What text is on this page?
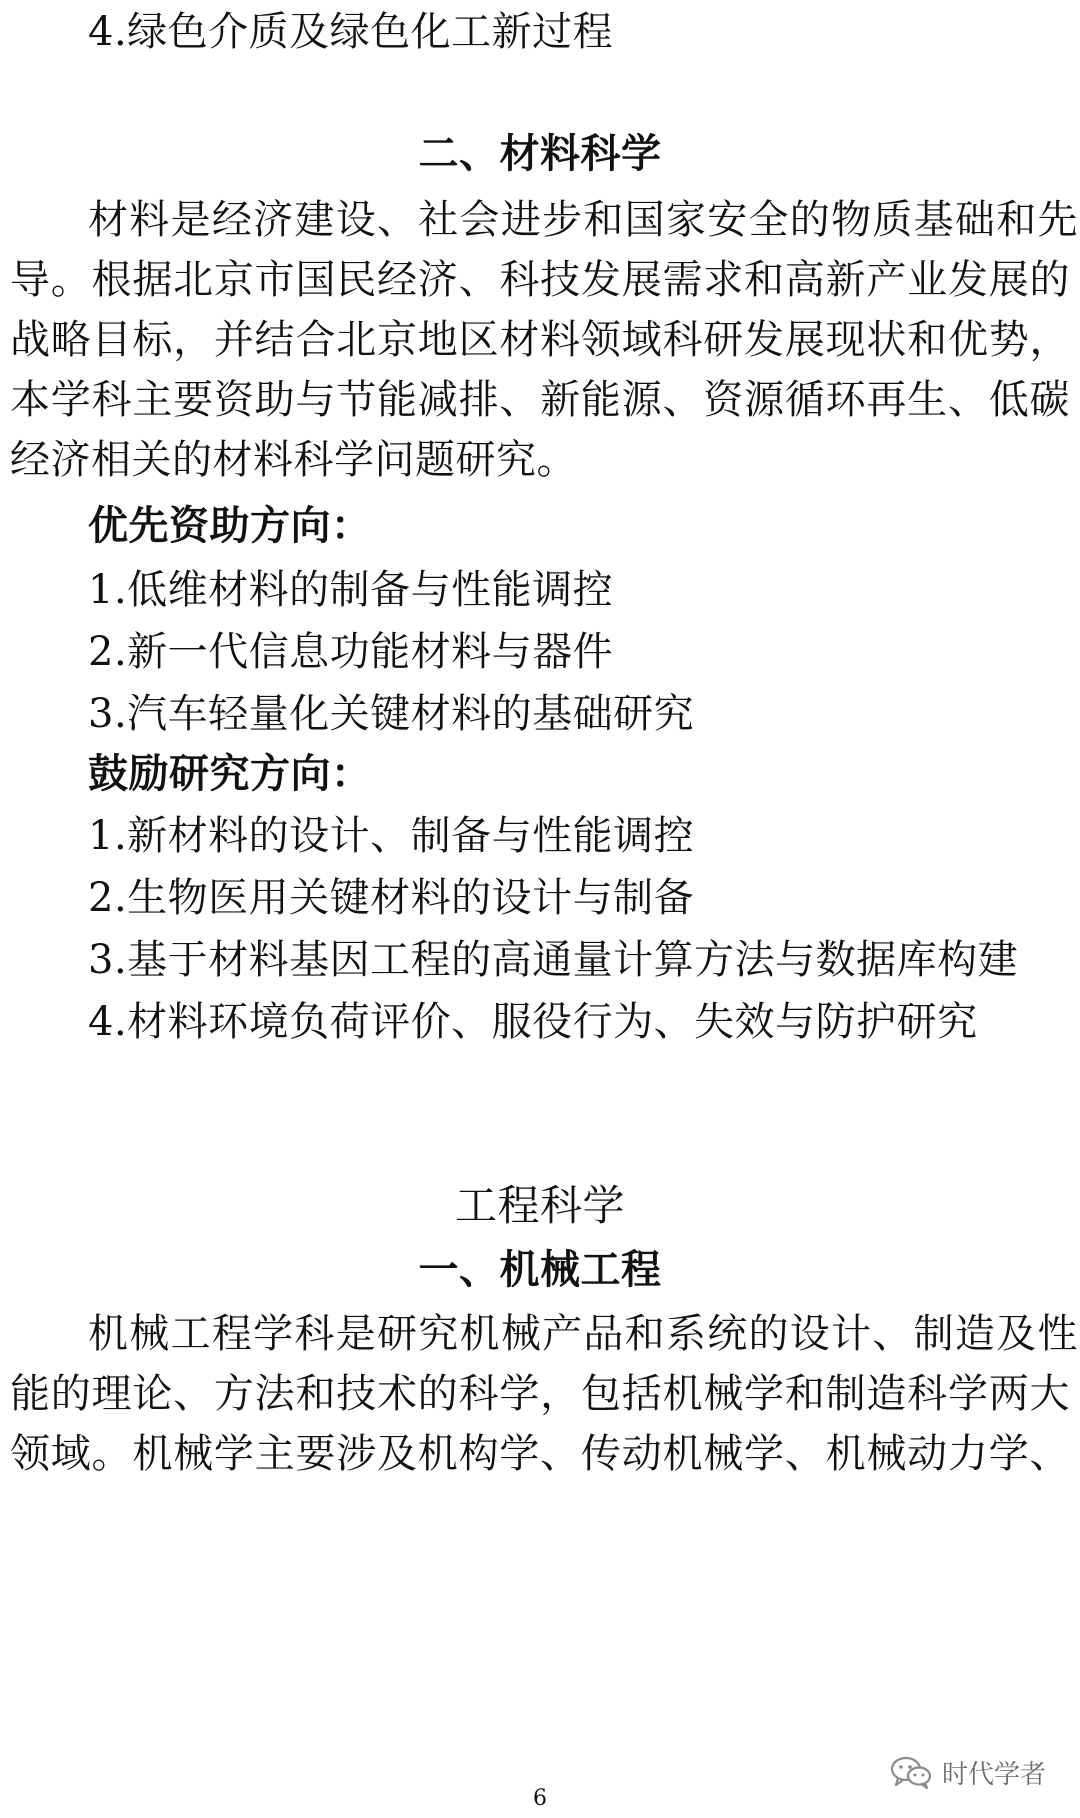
4.绿色介质及绿色化工新过程
二、材料科学
材料是经济建设、社会进步和国家安全的物质基础和先
导。根据北京市国民经济、科技发展需求和高新产业发展的
战略目标，并结合北京地区材料领域科研发展现状和优势，
本学科主要资助与节能减排、新能源、资源循环再生、低碳
经济相关的材料科学问题研究。
优先资助方向：
1.低维材料的制备与性能调控
2.新一代信息功能材料与器件
3.汽车轻量化关键材料的基础研究
鼓励研究方向：
1.新材料的设计、制备与性能调控
2.生物医用关键材料的设计与制备
3.基于材料基因工程的高通量计算方法与数据库构建
4.材料环境负荷评价、服役行为、失效与防护研究
工程科学
一、机械工程
机械工程学科是研究机械产品和系统的设计、制造及性
能的理论、方法和技术的科学，包括机械学和制造科学两大
领域。机械学主要涉及机构学、传动机械学、机械动力学、
时代学者
6
